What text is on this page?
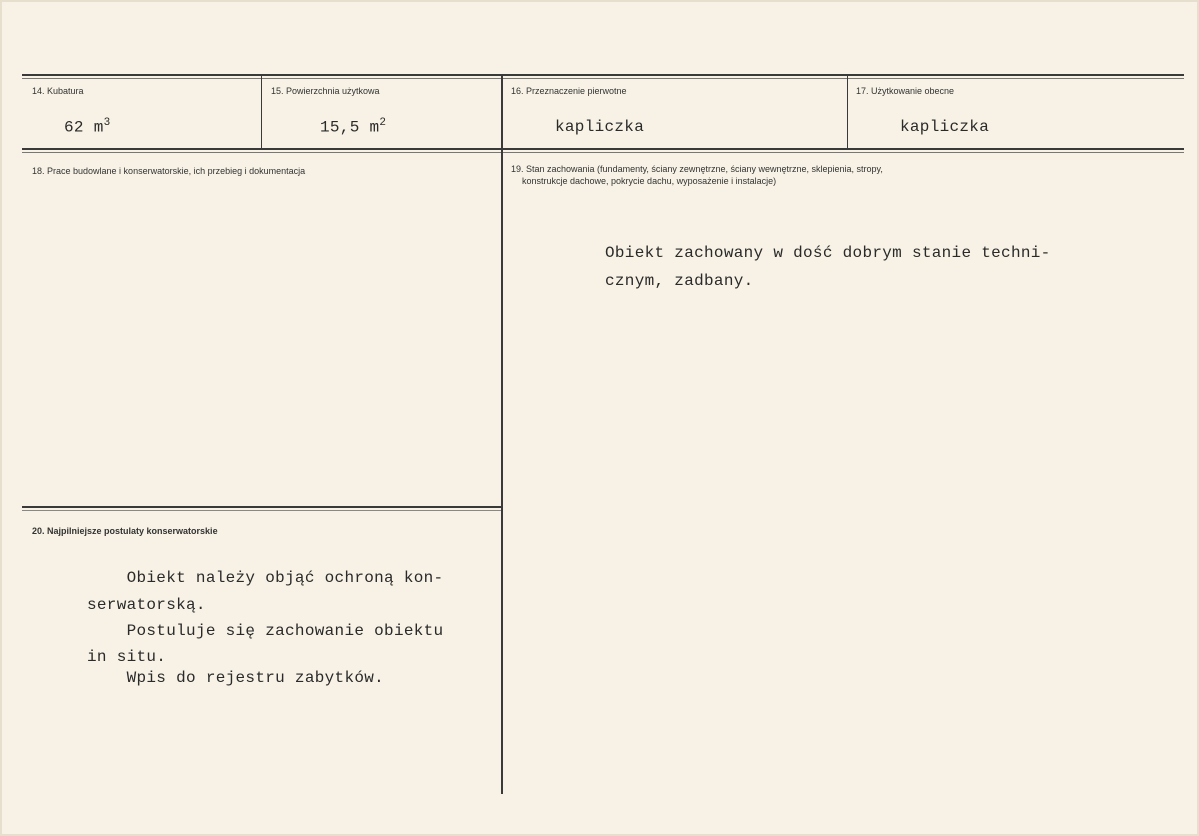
14. Kubatura
62 $m^3$
15. Powierzchnia użytkowa
15,5 $m^2$
16. Przeznaczenie pierwotne
kapliczka
17. Użytkowanie obecne
kapliczka
18. Prace budowlane i konserwatorskie, ich przebieg i dokumentacja	19. Stan zachowania (fundamenty, ściany zewnętrzne, ściany wewnętrzne, sklepienia, stropy,
konstrukcje dachowe, pokrycie dachu, wyposażenie i instalacje)
Obiekt zachowany w dość dobrym stanie techni-
cznym, zadbany.
20. Najpilniejsze postulaty konserwatorskie
Obiekt należy objąć ochroną kon-
serwatorską.
Postuluje się zachowanie obiektu
in situ.
Wpis do rejestru zabytków.
